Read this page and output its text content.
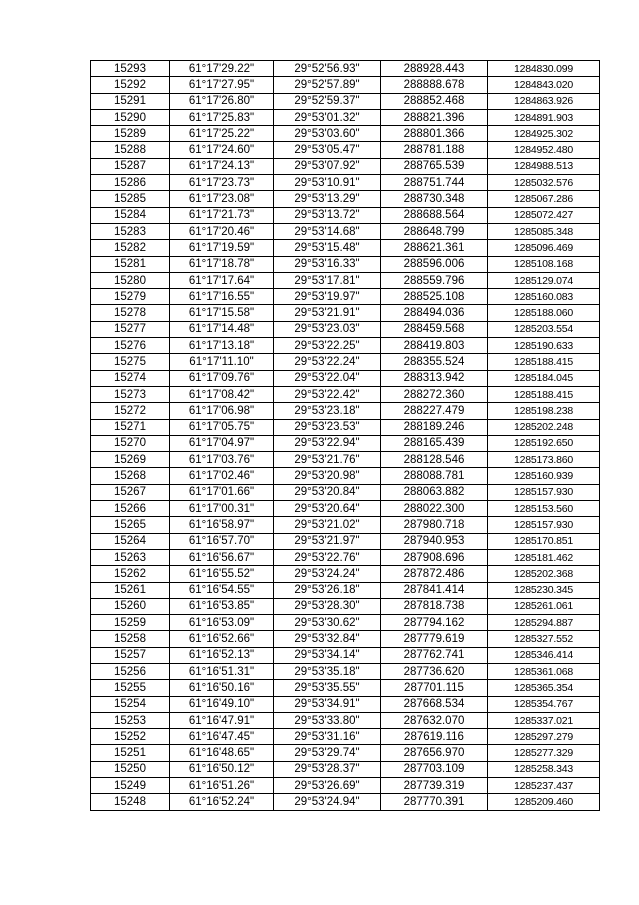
15293	61°17'29.22"	29°52'56.93"	288928.443	1284830.099
15292	61°17'27.95"	29°52'57.89"	288888.678	1284843.020
15291	61°17'26.80"	29°52'59.37"	288852.468	1284863.926
15290	61°17'25.83"	29°53'01.32"	288821.396	1284891.903
15289	61°17'25.22"	29°53'03.60"	288801.366	1284925.302
15288	61°17'24.60"	29°53'05.47"	288781.188	1284952.480
15287	61°17'24.13"	29°53'07.92"	288765.539	1284988.513
15286	61°17'23.73"	29°53'10.91"	288751.744	1285032.576
15285	61°17'23.08"	29°53'13.29"	288730.348	1285067.286
15284	61°17'21.73"	29°53'13.72"	288688.564	1285072.427
15283	61°17'20.46"	29°53'14.68"	288648.799	1285085.348
15282	61°17'19.59"	29°53'15.48"	288621.361	1285096.469
15281	61°17'18.78"	29°53'16.33"	288596.006	1285108.168
15280	61°17'17.64"	29°53'17.81"	288559.796	1285129.074
15279	61°17'16.55"	29°53'19.97"	288525.108	1285160.083
15278	61°17'15.58"	29°53'21.91"	288494.036	1285188.060
15277	61°17'14.48"	29°53'23.03"	288459.568	1285203.554
15276	61°17'13.18"	29°53'22.25"	288419.803	1285190.633
15275	61°17'11.10"	29°53'22.24"	288355.524	1285188.415
15274	61°17'09.76"	29°53'22.04"	288313.942	1285184.045
15273	61°17'08.42"	29°53'22.42"	288272.360	1285188.415
15272	61°17'06.98"	29°53'23.18"	288227.479	1285198.238
15271	61°17'05.75"	29°53'23.53"	288189.246	1285202.248
15270	61°17'04.97"	29°53'22.94"	288165.439	1285192.650
15269	61°17'03.76"	29°53'21.76"	288128.546	1285173.860
15268	61°17'02.46"	29°53'20.98"	288088.781	1285160.939
15267	61°17'01.66"	29°53'20.84"	288063.882	1285157.930
15266	61°17'00.31"	29°53'20.64"	288022.300	1285153.560
15265	61°16'58.97"	29°53'21.02"	287980.718	1285157.930
15264	61°16'57.70"	29°53'21.97"	287940.953	1285170.851
15263	61°16'56.67"	29°53'22.76"	287908.696	1285181.462
15262	61°16'55.52"	29°53'24.24"	287872.486	1285202.368
15261	61°16'54.55"	29°53'26.18"	287841.414	1285230.345
15260	61°16'53.85"	29°53'28.30"	287818.738	1285261.061
15259	61°16'53.09"	29°53'30.62"	287794.162	1285294.887
15258	61°16'52.66"	29°53'32.84"	287779.619	1285327.552
15257	61°16'52.13"	29°53'34.14"	287762.741	1285346.414
15256	61°16'51.31"	29°53'35.18"	287736.620	1285361.068
15255	61°16'50.16"	29°53'35.55"	287701.115	1285365.354
15254	61°16'49.10"	29°53'34.91"	287668.534	1285354.767
15253	61°16'47.91"	29°53'33.80"	287632.070	1285337.021
15252	61°16'47.45"	29°53'31.16"	287619.116	1285297.279
15251	61°16'48.65"	29°53'29.74"	287656.970	1285277.329
15250	61°16'50.12"	29°53'28.37"	287703.109	1285258.343
15249	61°16'51.26"	29°53'26.69"	287739.319	1285237.437
15248	61°16'52.24"	29°53'24.94"	287770.391	1285209.460
